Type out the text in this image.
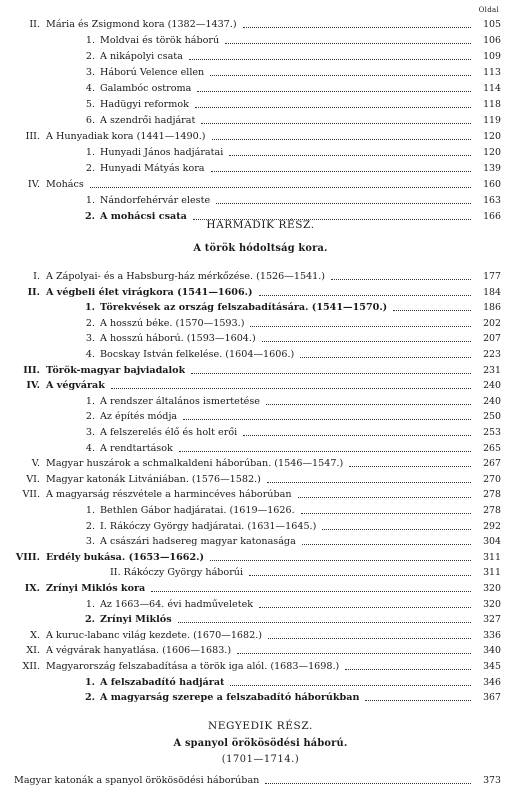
Oldal
II. Mária és Zsigmond kora (1382—1437.)	105
1. Moldvai és török háború	106
2. A nikápolyi csata	109
3. Háború Velence ellen	113
4. Galambóc ostroma	114
5. Hadügyi reformok	118
6. A szendrői hadjárat	119
III. A Hunyadiak kora (1441—1490.)	120
1. Hunyadi János hadjáratai	120
2. Hunyadi Mátyás kora	139
IV. Mohács	160
1. Nándorfehérvár eleste	163
2. A mohácsi csata	166
HARMADIK RÉSZ.
A török hódoltság kora.
I. A Zápolyai- és a Habsburg-ház mérkőzése. (1526—1541.)	177
II. A végbeli élet virágkora (1541—1606.)	184
1. Törekvések az ország felszabadítására. (1541—1570.)	186
2. A hosszú béke. (1570—1593.)	202
3. A hosszú háború. (1593—1604.)	207
4. Bocskay István felkelése. (1604—1606.)	223
III. Török-magyar bajviadalok	231
IV. A végvárak	240
1. A rendszer általános ismertetése	240
2. Az építés módja	250
3. A felszerelés élő és holt erői	253
4. A rendtartások	265
V. Magyar huszárok a schmalkaldeni háborúban. (1546—1547.)	267
VI. Magyar katonák Litvániában. (1576—1582.)	270
VII. A magyarság részvétele a harmincéves háborúban	278
1. Bethlen Gábor hadjáratai. (1619—1626.	278
2. I. Rákóczy György hadjáratai. (1631—1645.)	292
3. A császári hadsereg magyar katonasága	304
VIII. Erdély bukása. (1653—1662.)	311
II. Rákóczy György háborúi	311
IX. Zrínyi Miklós kora	320
1. Az 1663—64. évi hadműveletek	320
2. Zrínyi Miklós	327
X. A kuruc-labanc világ kezdete. (1670—1682.)	336
XI. A végvárak hanyatlása. (1606—1683.)	340
XII. Magyarország felszabadítása a török iga alól. (1683—1698.)	345
1. A felszabadító hadjárat	346
2. A magyarság szerepe a felszabadító háborúkban	367
NEGYEDIK RÉSZ.
A spanyol örökösödési háború.
(1701—1714.)
Magyar katonák a spanyol örökösödési háborúban	373
